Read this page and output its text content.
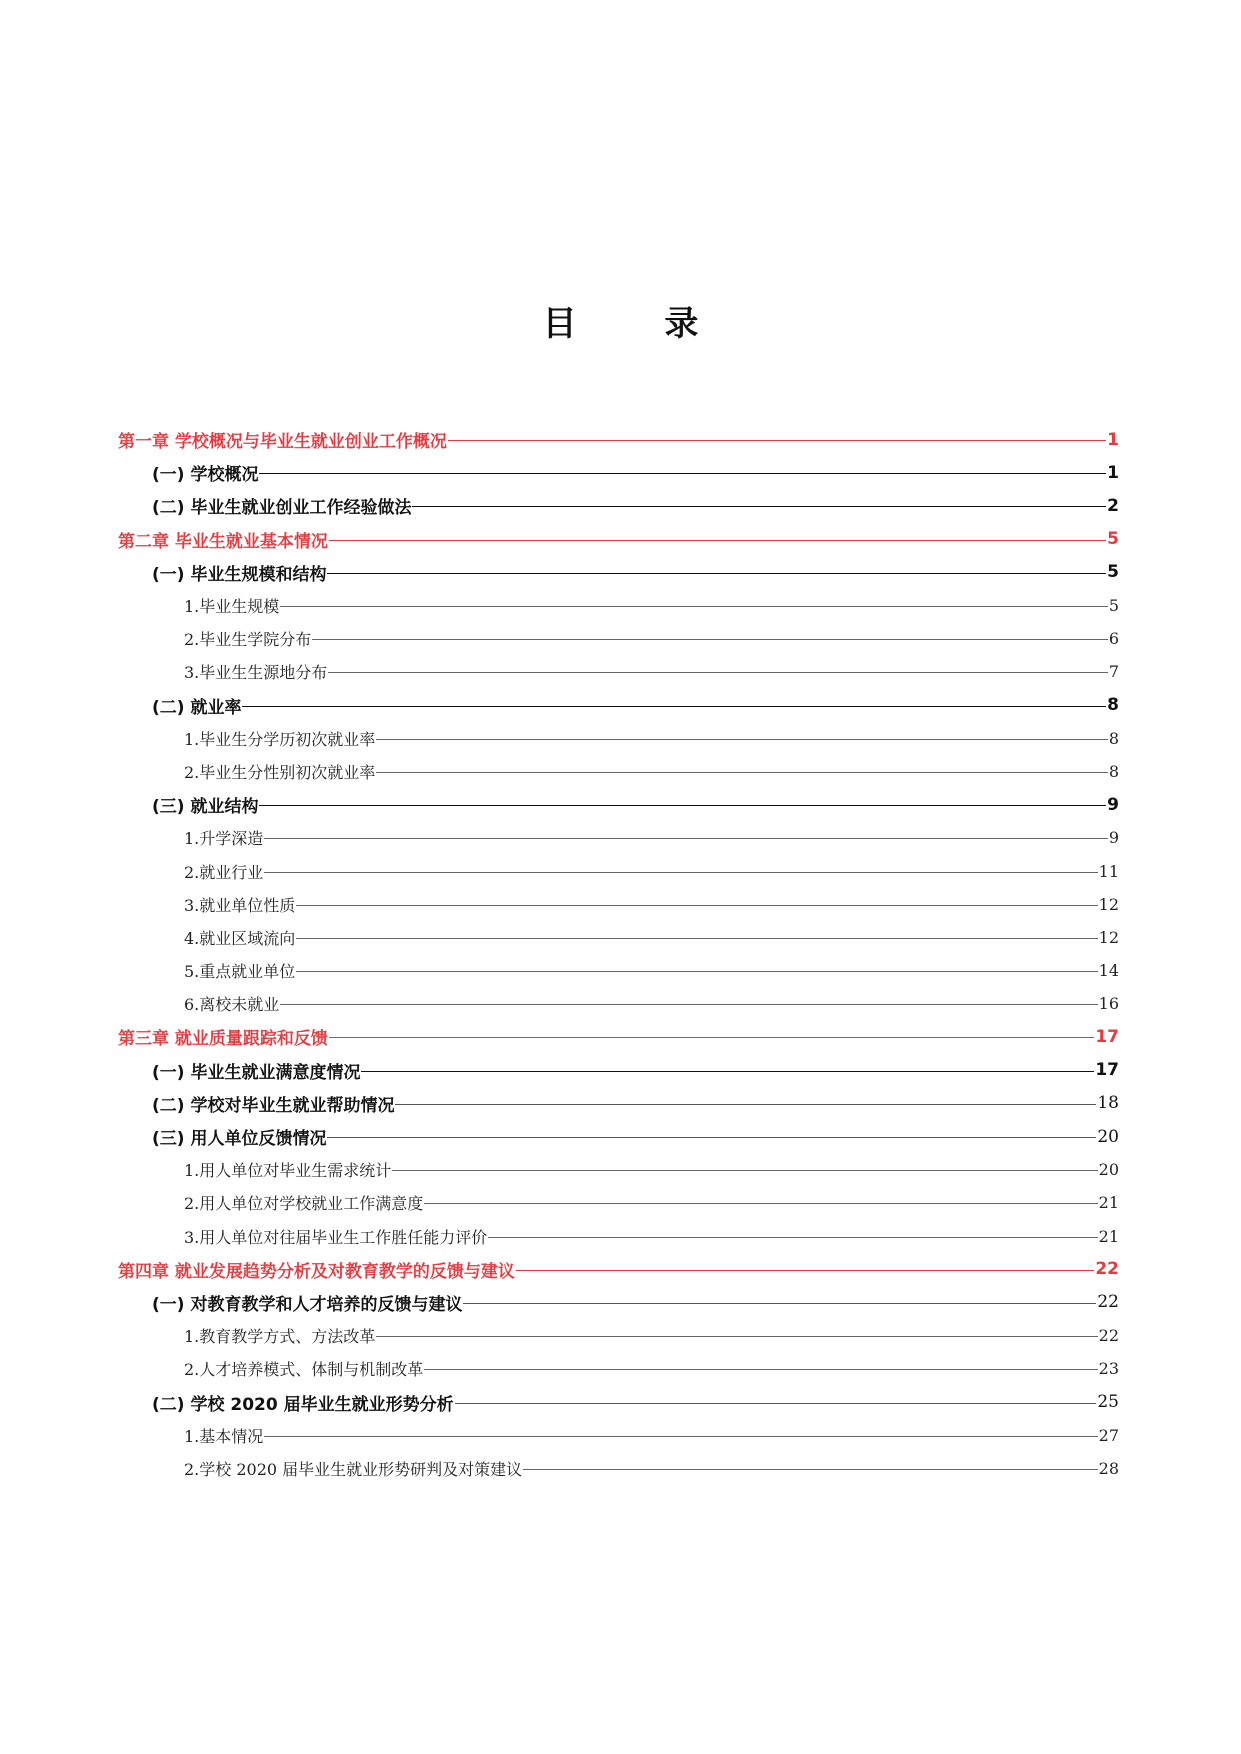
目 录
第一章 学校概况与毕业生就业创业工作概况	1
(一) 学校概况	1
(二) 毕业生就业创业工作经验做法	2
第二章 毕业生就业基本情况	5
(一) 毕业生规模和结构	5
1.毕业生规模	5
2.毕业生学院分布	6
3.毕业生生源地分布	7
(二) 就业率	8
1.毕业生分学历初次就业率	8
2.毕业生分性别初次就业率	8
(三) 就业结构	9
1.升学深造	9
2.就业行业	11
3.就业单位性质	12
4.就业区域流向	12
5.重点就业单位	14
6.离校未就业	16
第三章 就业质量跟踪和反馈	17
(一) 毕业生就业满意度情况	17
(二) 学校对毕业生就业帮助情况	18
(三) 用人单位反馈情况	20
1.用人单位对毕业生需求统计	20
2.用人单位对学校就业工作满意度	21
3.用人单位对往届毕业生工作胜任能力评价	21
第四章 就业发展趋势分析及对教育教学的反馈与建议	22
(一) 对教育教学和人才培养的反馈与建议	22
1.教育教学方式、方法改革	22
2.人才培养模式、体制与机制改革	23
(二) 学校 2020 届毕业生就业形势分析	25
1.基本情况	27
2.学校 2020 届毕业生就业形势研判及对策建议	28
